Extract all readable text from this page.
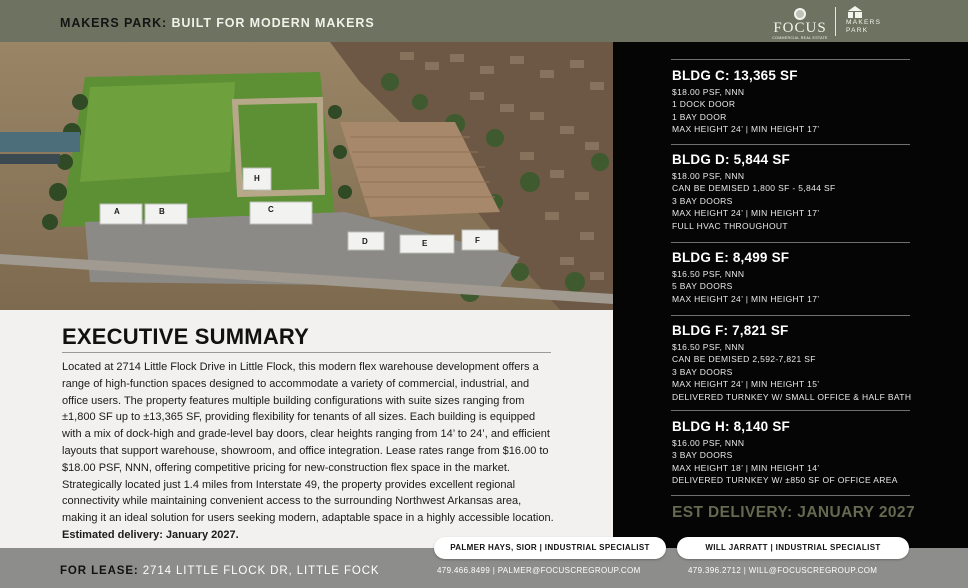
MAKERS PARK: BUILT FOR MODERN MAKERS	FOCUS
COMMERCIAL REAL ESTATE
MAKERS
PARK
A	B	C
H
D	E	F
EXECUTIVE SUMMARY

Located at 2714 Little Flock Drive in Little Flock, this modern flex warehouse development offers a range of high-function spaces designed to accommodate a variety of commercial, industrial, and office users. The property features multiple building configurations with suite sizes ranging from ±1,800 SF up to ±13,365 SF, providing flexibility for tenants of all sizes. Each building is equipped with a mix of dock-high and grade-level bay doors, clear heights ranging from 14’ to 24’, and efficient layouts that support warehouse, showroom, and office integration. Lease rates range from $16.00 to $18.00 PSF, NNN, offering competitive pricing for new-construction flex space in the market. Strategically located just 1.4 miles from Interstate 49, the property provides excellent regional connectivity while maintaining convenient access to the surrounding Northwest Arkansas area, making it an ideal solution for users seeking modern, adaptable space in a highly accessible location. Estimated delivery: January 2027.

BLDG C: 13,365 SF
$18.00 PSF, NNN
1 DOCK DOOR
1 BAY DOOR
MAX HEIGHT 24’ | MIN HEIGHT 17’
BLDG D: 5,844 SF
$18.00 PSF, NNN
CAN BE DEMISED 1,800 SF - 5,844 SF
3 BAY DOORS
MAX HEIGHT 24’ | MIN HEIGHT 17’
FULL HVAC THROUGHOUT
BLDG E: 8,499 SF
$16.50 PSF, NNN
5 BAY DOORS
MAX HEIGHT 24’ | MIN HEIGHT 17’
BLDG F: 7,821 SF
$16.50 PSF, NNN
CAN BE DEMISED 2,592-7,821 SF
3 BAY DOORS
MAX HEIGHT 24’ | MIN HEIGHT 15’
DELIVERED TURNKEY W/ SMALL OFFICE & HALF BATH
BLDG H: 8,140 SF
$16.00 PSF, NNN
3 BAY DOORS
MAX HEIGHT 18’ | MIN HEIGHT 14’
DELIVERED TURNKEY W/ ±850 SF OF OFFICE AREA
EST DELIVERY: JANUARY 2027
FOR LEASE: 2714 LITTLE FLOCK DR, LITTLE FOCK
PALMER HAYS, SIOR | INDUSTRIAL SPECIALIST
479.466.8499 | PALMER@FOCUSCREGROUP.COM
WILL JARRATT | INDUSTRIAL SPECIALIST
479.396.2712 | WILL@FOCUSCREGROUP.COM
